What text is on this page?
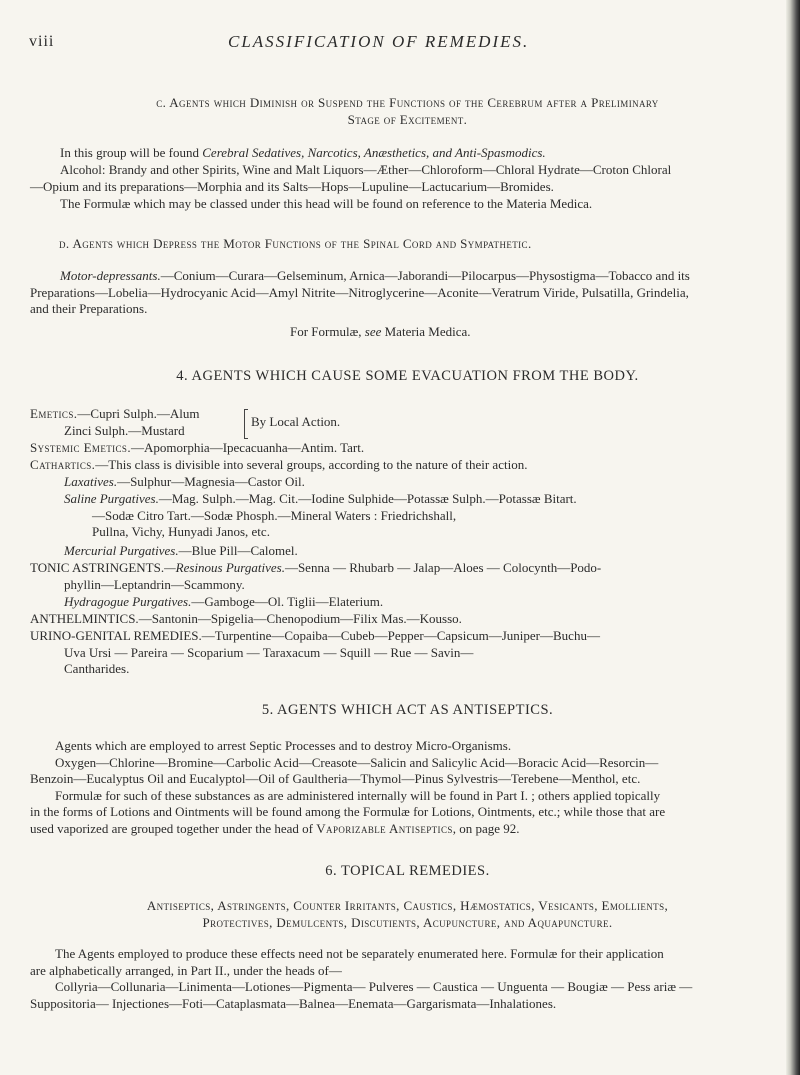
viii	CLASSIFICATION OF REMEDIES.
c. Agents which Diminish or Suspend the Functions of the Cerebrum after a Preliminary
Stage of Excitement.
In this group will be found Cerebral Sedatives, Narcotics, Anæsthetics, and Anti-Spasmodics.
Alcohol: Brandy and other Spirits, Wine and Malt Liquors—Æther—Chloroform—Chloral Hydrate—Croton Chloral
—Opium and its preparations—Morphia and its Salts—Hops—Lupuline—Lactucarium—Bromides.
The Formulæ which may be classed under this head will be found on reference to the Materia Medica.
d. Agents which Depress the Motor Functions of the Spinal Cord and Sympathetic.
Motor-depressants.—Conium—Curara—Gelseminum, Arnica—Jaborandi—Pilocarpus—Physostigma—Tobacco and its
Preparations—Lobelia—Hydrocyanic Acid—Amyl Nitrite—Nitroglycerine—Aconite—Veratrum Viride, Pulsatilla, Grindelia,
and their Preparations.
For Formulæ, see Materia Medica.
4. AGENTS WHICH CAUSE SOME EVACUATION FROM THE BODY.
Emetics.—Cupri Sulph.—Alum
Zinci Sulph.—Mustard
By Local Action.
Systemic Emetics.—Apomorphia—Ipecacuanha—Antim. Tart.
Cathartics.—This class is divisible into several groups, according to the nature of their action.
Laxatives.—Sulphur—Magnesia—Castor Oil.
Saline Purgatives.—Mag. Sulph.—Mag. Cit.—Iodine Sulphide—Potassæ Sulph.—Potassæ Bitart.
—Sodæ Citro Tart.—Sodæ Phosph.—Mineral Waters : Friedrichshall,
Pullna, Vichy, Hunyadi Janos, etc.
Mercurial Purgatives.—Blue Pill—Calomel.
TONIC ASTRINGENTS.—Resinous Purgatives.—Senna — Rhubarb — Jalap—Aloes — Colocynth—Podo-
phyllin—Leptandrin—Scammony.
Hydragogue Purgatives.—Gamboge—Ol. Tiglii—Elaterium.
ANTHELMINTICS.—Santonin—Spigelia—Chenopodium—Filix Mas.—Kousso.
URINO-GENITAL REMEDIES.—Turpentine—Copaiba—Cubeb—Pepper—Capsicum—Juniper—Buchu—
Uva Ursi — Pareira — Scoparium — Taraxacum — Squill — Rue — Savin—
Cantharides.
5. AGENTS WHICH ACT AS ANTISEPTICS.
Agents which are employed to arrest Septic Processes and to destroy Micro-Organisms.
Oxygen—Chlorine—Bromine—Carbolic Acid—Creasote—Salicin and Salicylic Acid—Boracic Acid—Resorcin—
Benzoin—Eucalyptus Oil and Eucalyptol—Oil of Gaultheria—Thymol—Pinus Sylvestris—Terebene—Menthol, etc.
Formulæ for such of these substances as are administered internally will be found in Part I. ; others applied topically
in the forms of Lotions and Ointments will be found among the Formulæ for Lotions, Ointments, etc.; while those that are
used vaporized are grouped together under the head of Vaporizable Antiseptics, on page 92.
6. TOPICAL REMEDIES.
Antiseptics, Astringents, Counter Irritants, Caustics, Hæmostatics, Vesicants, Emollients,
Protectives, Demulcents, Discutients, Acupuncture, and Aquapuncture.
The Agents employed to produce these effects need not be separately enumerated here. Formulæ for their application
are alphabetically arranged, in Part II., under the heads of—
Collyria—Collunaria—Linimenta—Lotiones—Pigmenta— Pulveres — Caustica — Unguenta — Bougiæ — Pess ariæ —
Suppositoria— Injectiones—Foti—Cataplasmata—Balnea—Enemata—Gargarismata—Inhalationes.
